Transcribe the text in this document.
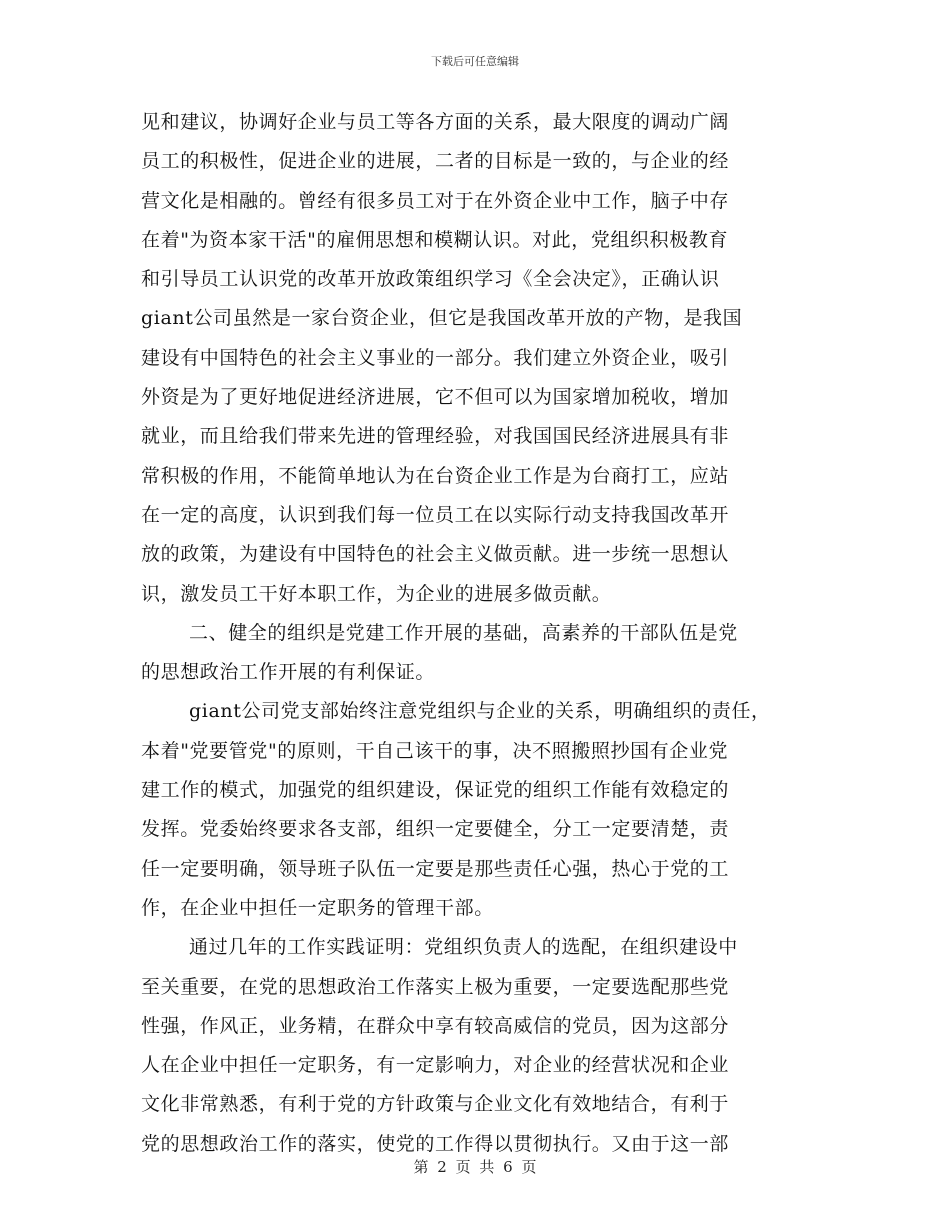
下载后可任意编辑
见和建议，协调好企业与员工等各方面的关系，最大限度的调动广阔
员工的积极性，促进企业的进展，二者的目标是一致的，与企业的经
营文化是相融的。曾经有很多员工对于在外资企业中工作，脑子中存
在着"为资本家干活"的雇佣思想和模糊认识。对此，党组织积极教育
和引导员工认识党的改革开放政策组织学习《全会决定》，正确认识
giant公司虽然是一家台资企业，但它是我国改革开放的产物，是我国
建设有中国特色的社会主义事业的一部分。我们建立外资企业，吸引
外资是为了更好地促进经济进展，它不但可以为国家增加税收，增加
就业，而且给我们带来先进的管理经验，对我国国民经济进展具有非
常积极的作用，不能简单地认为在台资企业工作是为台商打工，应站
在一定的高度，认识到我们每一位员工在以实际行动支持我国改革开
放的政策，为建设有中国特色的社会主义做贡献。进一步统一思想认
识，激发员工干好本职工作，为企业的进展多做贡献。
二、健全的组织是党建工作开展的基础，高素养的干部队伍是党
的思想政治工作开展的有利保证。
giant公司党支部始终注意党组织与企业的关系，明确组织的责任，
本着"党要管党"的原则，干自己该干的事，决不照搬照抄国有企业党
建工作的模式，加强党的组织建设，保证党的组织工作能有效稳定的
发挥。党委始终要求各支部，组织一定要健全，分工一定要清楚，责
任一定要明确，领导班子队伍一定要是那些责任心强，热心于党的工
作，在企业中担任一定职务的管理干部。
通过几年的工作实践证明：党组织负责人的选配，在组织建设中
至关重要，在党的思想政治工作落实上极为重要，一定要选配那些党
性强，作风正，业务精，在群众中享有较高威信的党员，因为这部分
人在企业中担任一定职务，有一定影响力，对企业的经营状况和企业
文化非常熟悉，有利于党的方针政策与企业文化有效地结合，有利于
党的思想政治工作的落实，使党的工作得以贯彻执行。又由于这一部
第 2 页 共 6 页
